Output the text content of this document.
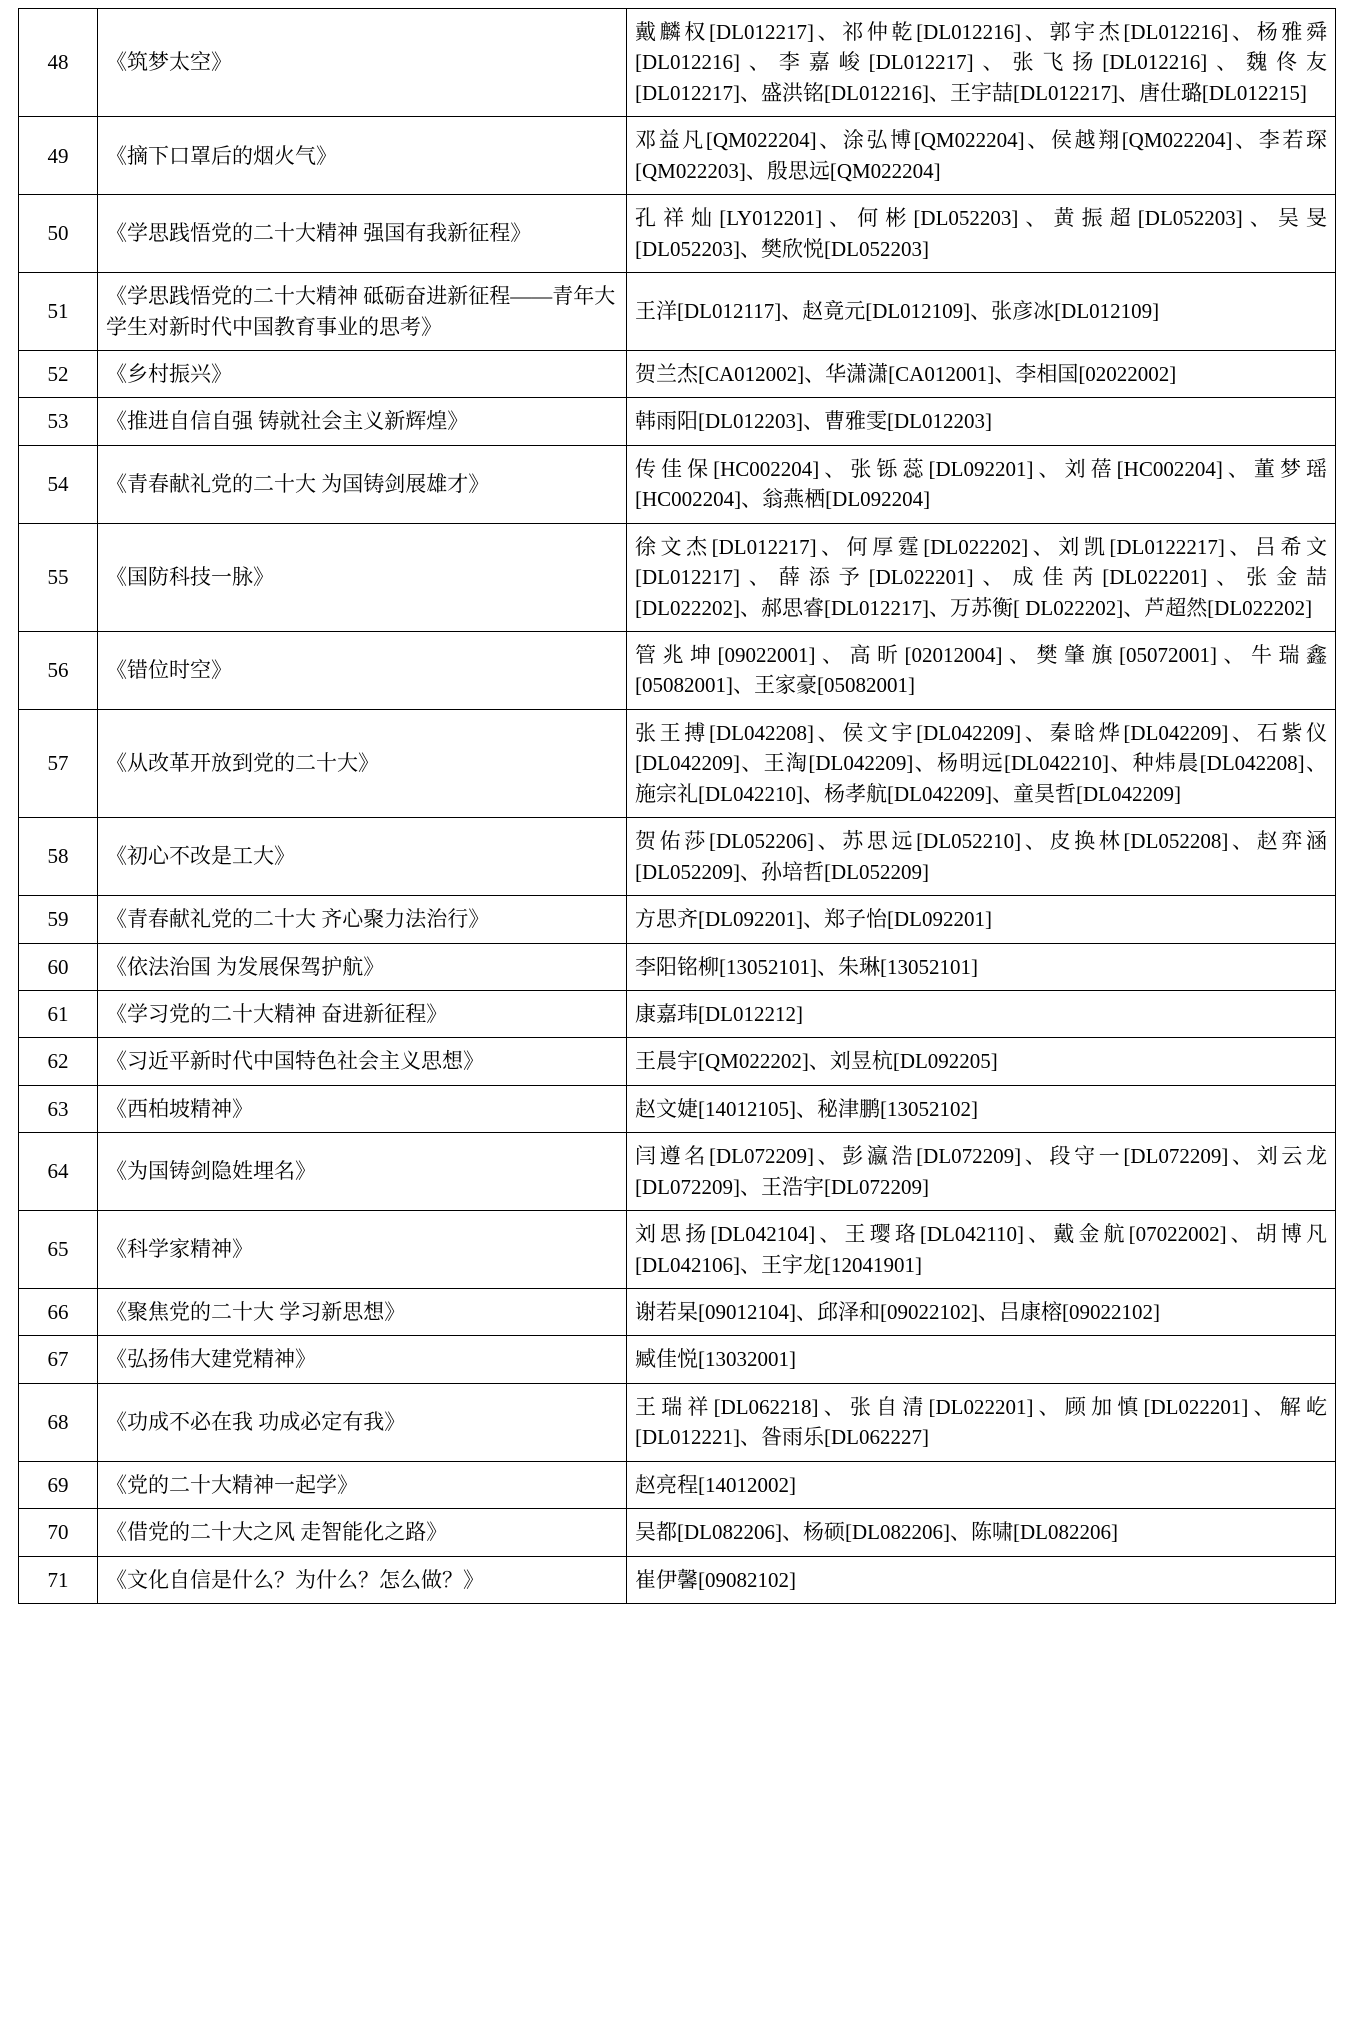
48	《筑梦太空》	戴麟权[DL012217]、祁仲乾[DL012216]、郭宇杰[DL012216]、杨雅舜[DL012216]、李嘉峻[DL012217]、张飞扬[DL012216]、魏佟友[DL012217]、盛洪铭[DL012216]、王宇喆[DL012217]、唐仕璐[DL012215]
49	《摘下口罩后的烟火气》	邓益凡[QM022204]、涂弘博[QM022204]、侯越翔[QM022204]、李若琛[QM022203]、殷思远[QM022204]
50	《学思践悟党的二十大精神 强国有我新征程》	孔祥灿[LY012201]、何彬[DL052203]、黄振超[DL052203]、吴旻[DL052203]、樊欣悦[DL052203]
51	《学思践悟党的二十大精神 砥砺奋进新征程——青年大学生对新时代中国教育事业的思考》	王洋[DL012117]、赵竟元[DL012109]、张彦冰[DL012109]
52	《乡村振兴》	贺兰杰[CA012002]、华潇潇[CA012001]、李相国[02022002]
53	《推进自信自强 铸就社会主义新辉煌》	韩雨阳[DL012203]、曹雅雯[DL012203]
54	《青春献礼党的二十大 为国铸剑展雄才》	传佳保[HC002204]、张铄蕊[DL092201]、刘蓓[HC002204]、董梦瑶[HC002204]、翁燕栖[DL092204]
55	《国防科技一脉》	徐文杰[DL012217]、何厚霆[DL022202]、刘凯[DL0122217]、吕希文[DL012217]、薛添予[DL022201]、成佳芮[DL022201]、张金喆[DL022202]、郝思睿[DL012217]、万苏衡[ DL022202]、芦超然[DL022202]
56	《错位时空》	管兆坤[09022001]、高昕[02012004]、樊肇旗[05072001]、牛瑞鑫[05082001]、王家豪[05082001]
57	《从改革开放到党的二十大》	张王搏[DL042208]、侯文宇[DL042209]、秦晗烨[DL042209]、石紫仪[DL042209]、王淘[DL042209]、杨明远[DL042210]、种炜晨[DL042208]、施宗礼[DL042210]、杨孝航[DL042209]、童昊哲[DL042209]
58	《初心不改是工大》	贺佑莎[DL052206]、苏思远[DL052210]、皮换林[DL052208]、赵弈涵[DL052209]、孙培哲[DL052209]
59	《青春献礼党的二十大 齐心聚力法治行》	方思齐[DL092201]、郑子怡[DL092201]
60	《依法治国 为发展保驾护航》	李阳铭柳[13052101]、朱琳[13052101]
61	《学习党的二十大精神 奋进新征程》	康嘉玮[DL012212]
62	《习近平新时代中国特色社会主义思想》	王晨宇[QM022202]、刘昱杭[DL092205]
63	《西柏坡精神》	赵文婕[14012105]、秘津鹏[13052102]
64	《为国铸剑隐姓埋名》	闫遵名[DL072209]、彭瀛浩[DL072209]、段守一[DL072209]、刘云龙[DL072209]、王浩宇[DL072209]
65	《科学家精神》	刘思扬[DL042104]、王璎珞[DL042110]、戴金航[07022002]、胡博凡[DL042106]、王宇龙[12041901]
66	《聚焦党的二十大 学习新思想》	谢若杲[09012104]、邱泽和[09022102]、吕康榕[09022102]
67	《弘扬伟大建党精神》	臧佳悦[13032001]
68	《功成不必在我 功成必定有我》	王瑞祥[DL062218]、张自清[DL022201]、顾加慎[DL022201]、解屹[DL012221]、昝雨乐[DL062227]
69	《党的二十大精神一起学》	赵亮程[14012002]
70	《借党的二十大之风 走智能化之路》	吴都[DL082206]、杨硕[DL082206]、陈啸[DL082206]
71	《文化自信是什么？为什么？怎么做？》	崔伊馨[09082102]
